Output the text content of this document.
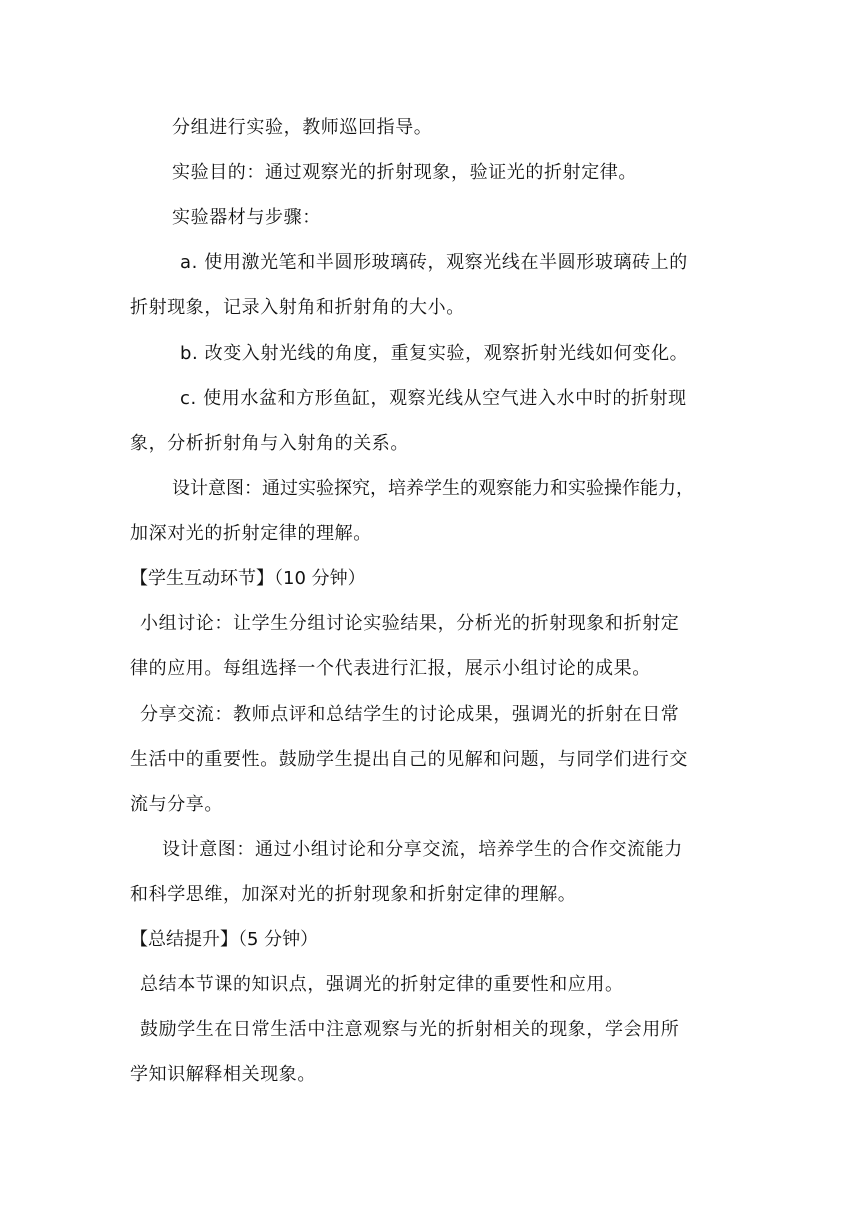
分组进行实验，教师巡回指导。
实验目的：通过观察光的折射现象，验证光的折射定律。
实验器材与步骤：
a. 使用激光笔和半圆形玻璃砖，观察光线在半圆形玻璃砖上的
折射现象，记录入射角和折射角的大小。
b. 改变入射光线的角度，重复实验，观察折射光线如何变化。
c. 使用水盆和方形鱼缸，观察光线从空气进入水中时的折射现
象，分析折射角与入射角的关系。
设计意图：通过实验探究，培养学生的观察能力和实验操作能力，
加深对光的折射定律的理解。
【学生互动环节】（10 分钟）
小组讨论：让学生分组讨论实验结果，分析光的折射现象和折射定
律的应用。每组选择一个代表进行汇报，展示小组讨论的成果。
分享交流：教师点评和总结学生的讨论成果，强调光的折射在日常
生活中的重要性。鼓励学生提出自己的见解和问题，与同学们进行交
流与分享。
设计意图：通过小组讨论和分享交流，培养学生的合作交流能力
和科学思维，加深对光的折射现象和折射定律的理解。
【总结提升】（5 分钟）
总结本节课的知识点，强调光的折射定律的重要性和应用。
鼓励学生在日常生活中注意观察与光的折射相关的现象，学会用所
学知识解释相关现象。
